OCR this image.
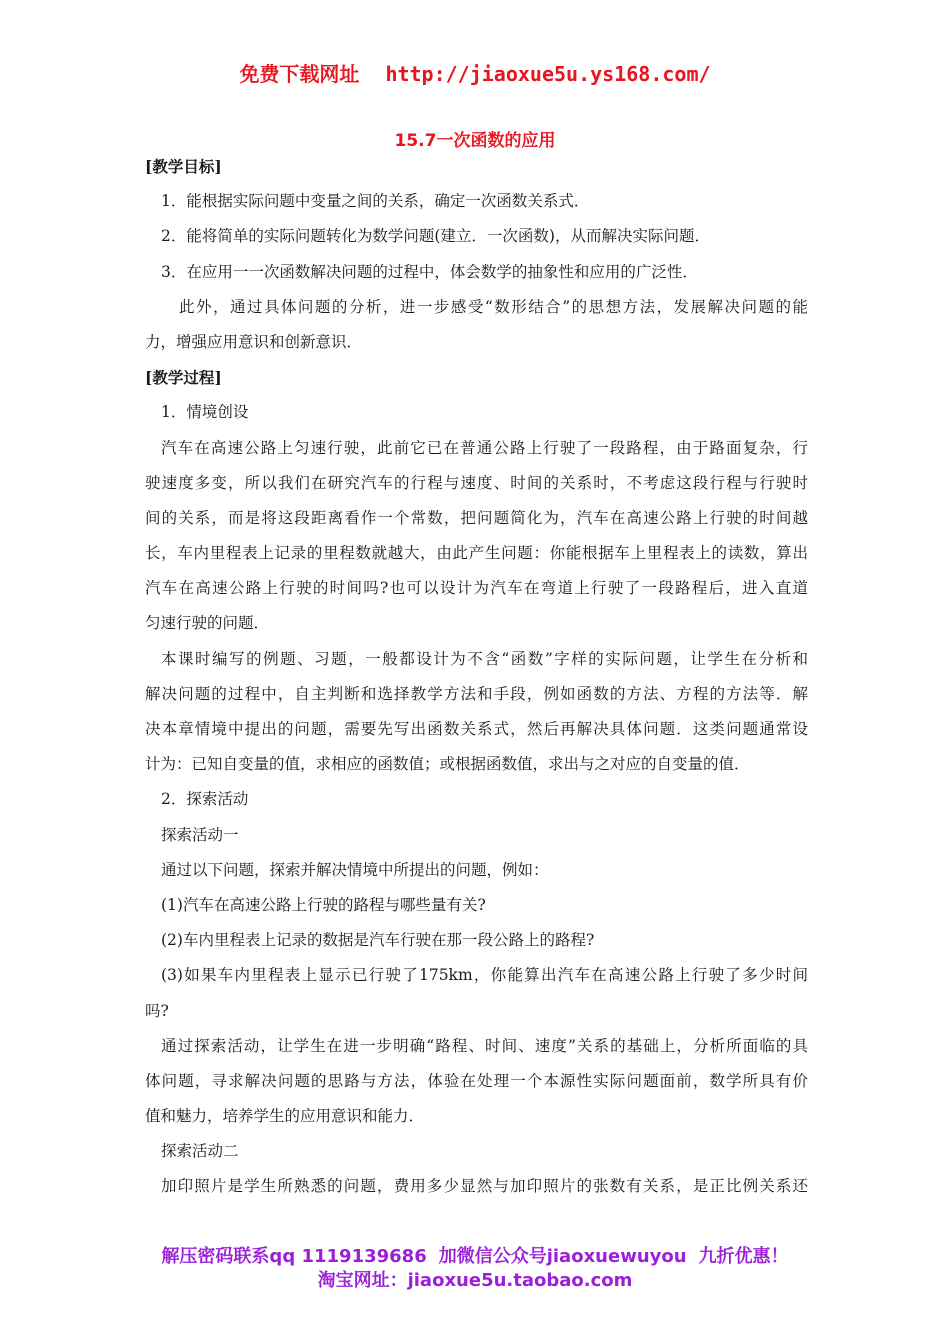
免费下载网址 http://jiaoxue5u.ys168.com/
15.7一次函数的应用
[教学目标]
1．能根据实际问题中变量之间的关系，确定一次函数关系式．
2．能将简单的实际问题转化为数学问题(建立．一次函数)，从而解决实际问题．
3．在应用一一次函数解决问题的过程中，体会数学的抽象性和应用的广泛性．
此外，通过具体问题的分析，进一步感受“数形结合”的思想方法，发展解决问题的能
力，增强应用意识和创新意识．
[教学过程]
1．情境创设
汽车在高速公路上匀速行驶，此前它已在普通公路上行驶了一段路程，由于路面复杂，行
驶速度多变，所以我们在研究汽车的行程与速度、时间的关系时，不考虑这段行程与行驶时
间的关系，而是将这段距离看作一个常数，把问题简化为，汽车在高速公路上行驶的时间越
长，车内里程表上记录的里程数就越大，由此产生问题：你能根据车上里程表上的读数，算出
汽车在高速公路上行驶的时间吗?也可以设计为汽车在弯道上行驶了一段路程后，进入直道
匀速行驶的问题．
本课时编写的例题、习题，一般都设计为不含“函数”字样的实际问题，让学生在分析和
解决问题的过程中，自主判断和选择教学方法和手段，例如函数的方法、方程的方法等．解
决本章情境中提出的问题，需要先写出函数关系式，然后再解决具体问题．这类问题通常设
计为：已知自变量的值，求相应的函数值；或根据函数值，求出与之对应的自变量的值．
2．探索活动
探索活动一
通过以下问题，探索并解决情境中所提出的问题，例如：
(1)汽车在高速公路上行驶的路程与哪些量有关?
(2)车内里程表上记录的数据是汽车行驶在那一段公路上的路程?
(3)如果车内里程表上显示已行驶了175km，你能算出汽车在高速公路上行驶了多少时间
吗?
通过探索活动，让学生在进一步明确“路程、时间、速度”关系的基础上，分析所面临的具
体问题，寻求解决问题的思路与方法，体验在处理一个本源性实际问题面前，数学所具有价
值和魅力，培养学生的应用意识和能力．
探索活动二
加印照片是学生所熟悉的问题，费用多少显然与加印照片的张数有关系，是正比例关系还
解压密码联系qq 1119139686 加微信公众号jiaoxuewuyou 九折优惠！
淘宝网址：jiaoxue5u.taobao.com
